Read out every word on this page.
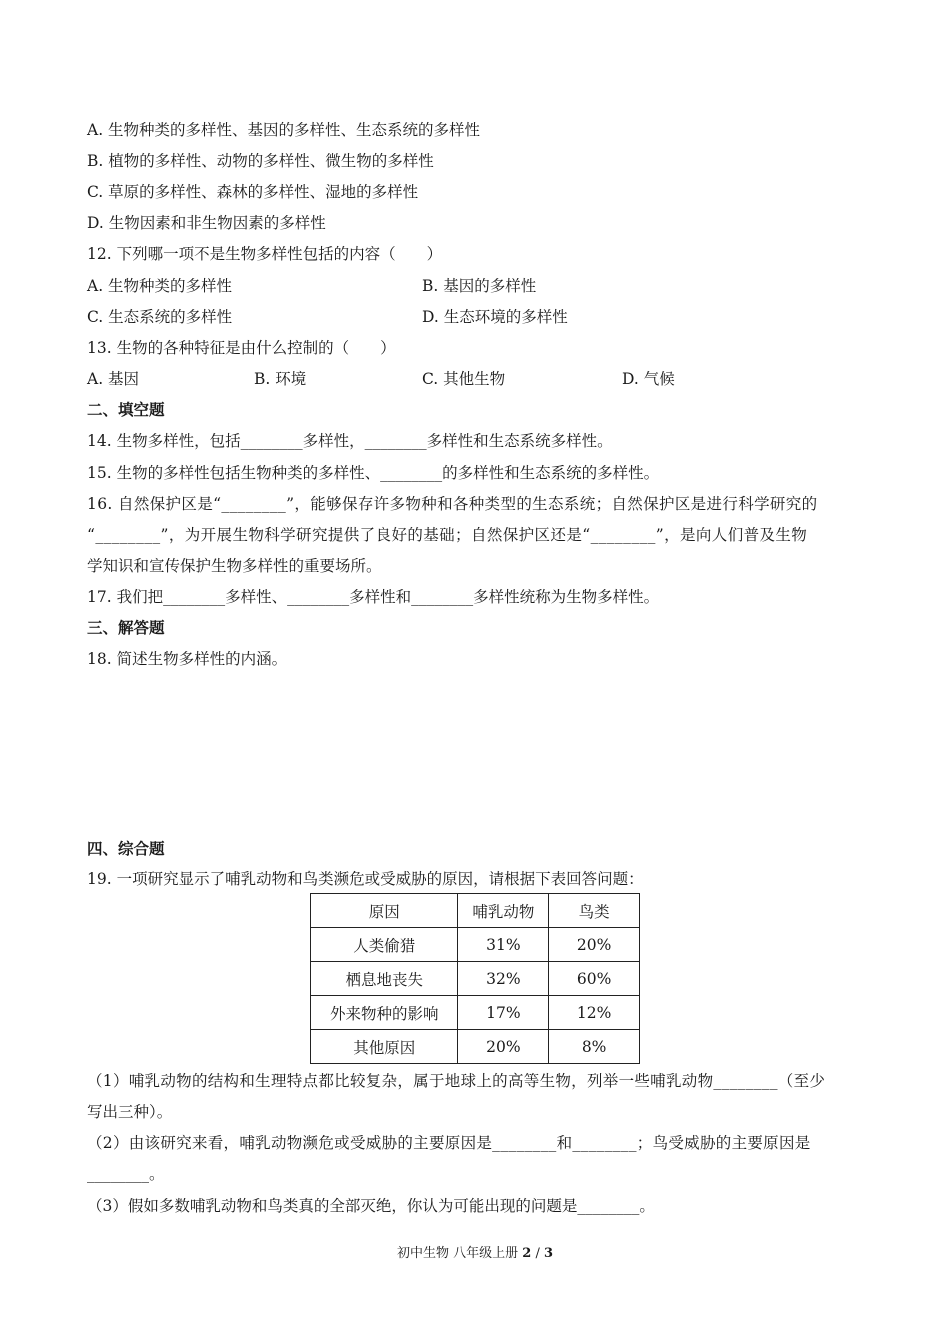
A. 生物种类的多样性、基因的多样性、生态系统的多样性
B. 植物的多样性、动物的多样性、微生物的多样性
C. 草原的多样性、森林的多样性、湿地的多样性
D. 生物因素和非生物因素的多样性
12. 下列哪一项不是生物多样性包括的内容（　　）
A. 生物种类的多样性	B. 基因的多样性
C. 生态系统的多样性	D. 生态环境的多样性
13. 生物的各种特征是由什么控制的（　　）
A. 基因	B. 环境	C. 其他生物	D. 气候
二、填空题
14. 生物多样性，包括________多样性，________多样性和生态系统多样性。
15. 生物的多样性包括生物种类的多样性、________的多样性和生态系统的多样性。
16. 自然保护区是“________”，能够保存许多物种和各种类型的生态系统；自然保护区是进行科学研究的
“________”，为开展生物科学研究提供了良好的基础；自然保护区还是“________”，是向人们普及生物
学知识和宣传保护生物多样性的重要场所。
17. 我们把________多样性、________多样性和________多样性统称为生物多样性。
三、解答题
18. 简述生物多样性的内涵。
四、综合题
19. 一项研究显示了哺乳动物和鸟类濒危或受威胁的原因，请根据下表回答问题：
原因	哺乳动物	鸟类
人类偷猎	31%	20%
栖息地丧失	32%	60%
外来物种的影响	17%	12%
其他原因	20%	8%
（1）哺乳动物的结构和生理特点都比较复杂，属于地球上的高等生物，列举一些哺乳动物________（至少
写出三种）。
（2）由该研究来看，哺乳动物濒危或受威胁的主要原因是________和________；鸟受威胁的主要原因是
________。
（3）假如多数哺乳动物和鸟类真的全部灭绝，你认为可能出现的问题是________。
初中生物 八年级上册 2 / 3
